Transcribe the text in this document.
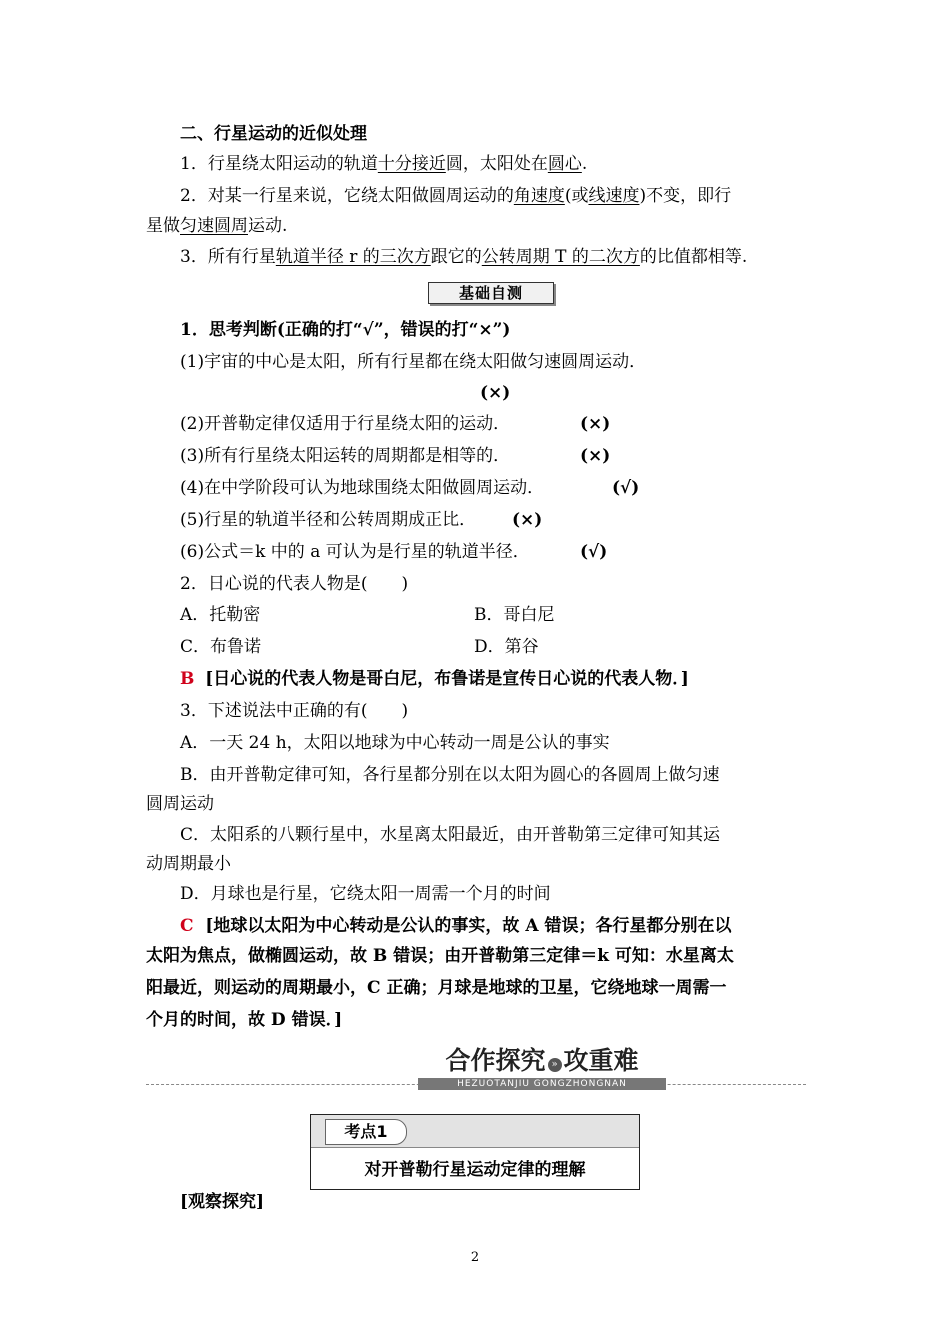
二、行星运动的近似处理
1．行星绕太阳运动的轨道十分接近圆，太阳处在圆心.
2．对某一行星来说，它绕太阳做圆周运动的角速度(或线速度)不变，即行
星做匀速圆周运动.
3．所有行星轨道半径 r 的三次方跟它的公转周期 T 的二次方的比值都相等.
基础自测
1．思考判断(正确的打“√”，错误的打“×”)
(1)宇宙的中心是太阳，所有行星都在绕太阳做匀速圆周运动．
(×)
(2)开普勒定律仅适用于行星绕太阳的运动．	(×)
(3)所有行星绕太阳运转的周期都是相等的．	(×)
(4)在中学阶段可认为地球围绕太阳做圆周运动．	(√)
(5)行星的轨道半径和公转周期成正比．	(×)
(6)公式＝k 中的 a 可认为是行星的轨道半径．	(√)
2．日心说的代表人物是(　　)
A．托勒密	B．哥白尼
C．布鲁诺	D．第谷
B [日心说的代表人物是哥白尼，布鲁诺是宣传日心说的代表人物．]
3．下述说法中正确的有(　　)
A．一天 24 h，太阳以地球为中心转动一周是公认的事实
B．由开普勒定律可知，各行星都分别在以太阳为圆心的各圆周上做匀速
圆周运动
C．太阳系的八颗行星中，水星离太阳最近，由开普勒第三定律可知其运
动周期最小
D．月球也是行星，它绕太阳一周需一个月的时间
C [地球以太阳为中心转动是公认的事实，故 A 错误；各行星都分别在以
太阳为焦点，做椭圆运动，故 B 错误；由开普勒第三定律＝k 可知：水星离太
阳最近，则运动的周期最小，C 正确；月球是地球的卫星，它绕地球一周需一
个月的时间，故 D 错误．]
合作探究 » 攻重难
HEZUOTANJIU GONGZHONGNAN
考点1
对开普勒行星运动定律的理解
[观察探究]
2
